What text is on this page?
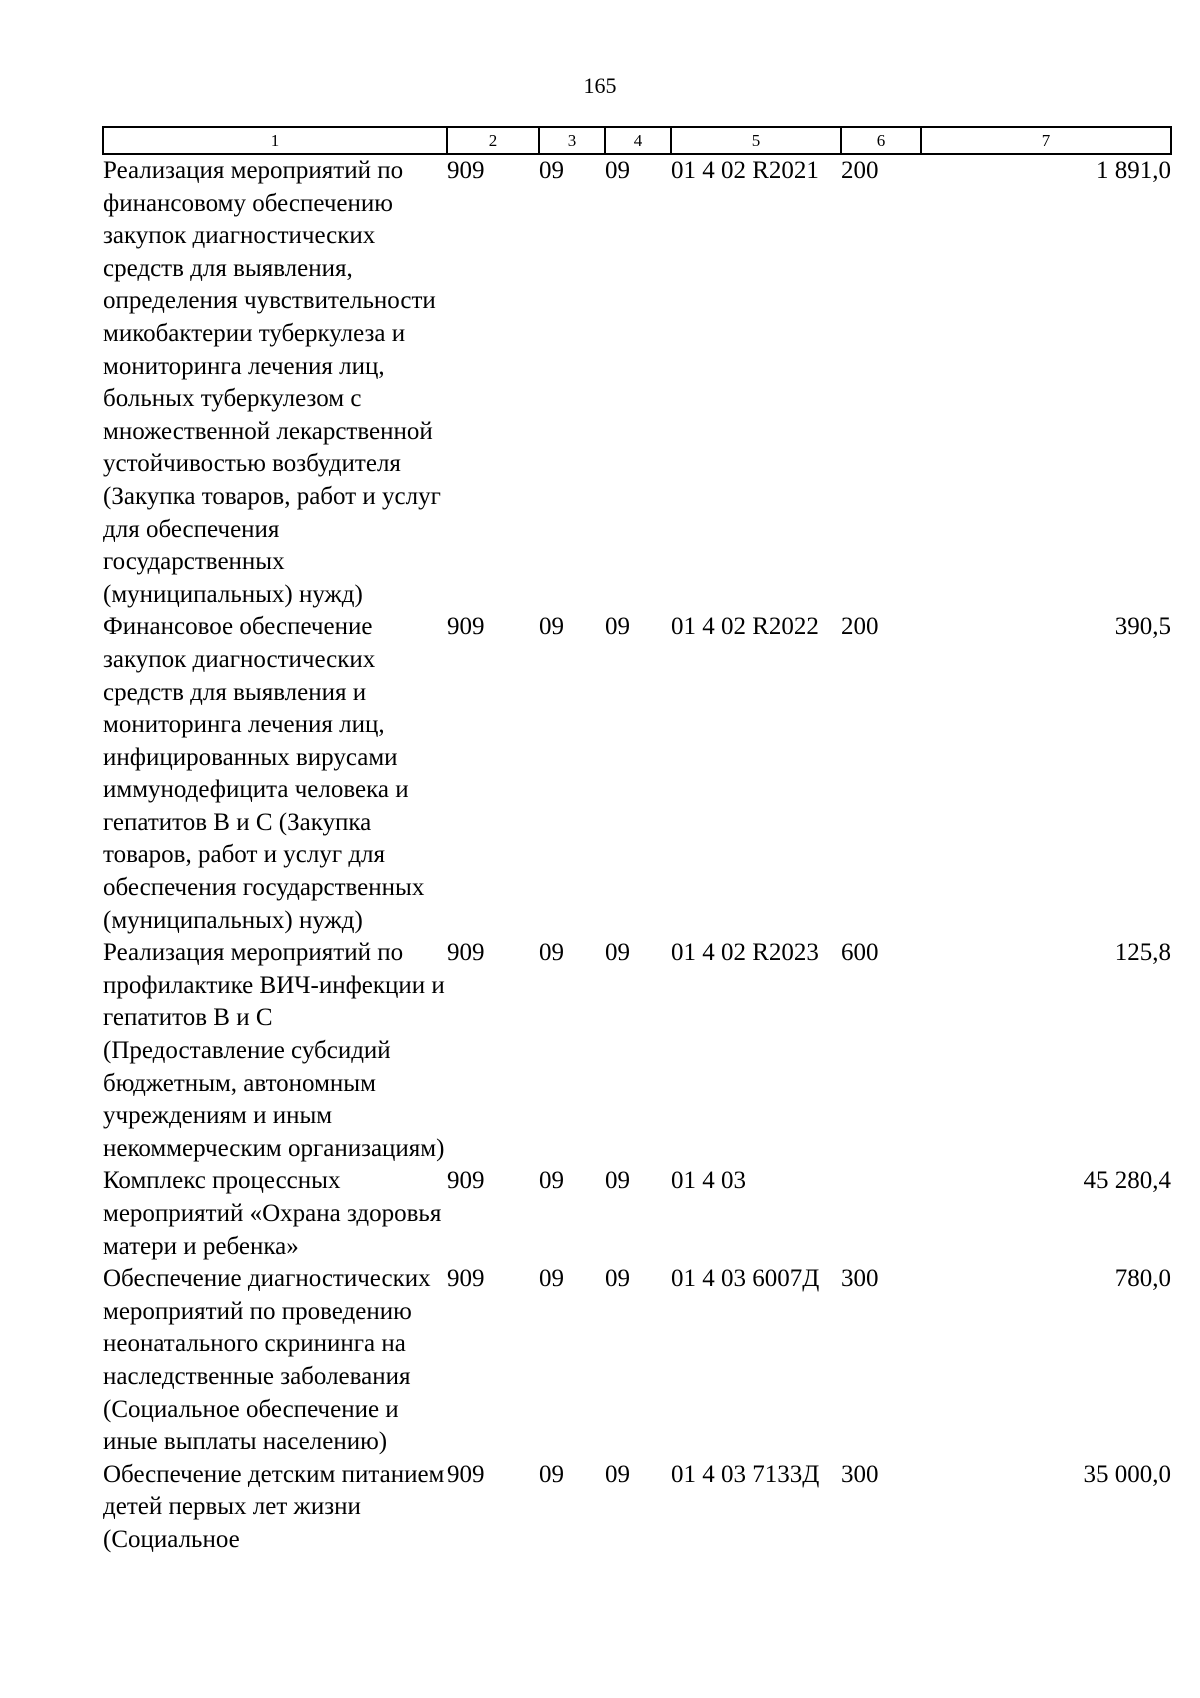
165
1	2	3	4	5	6	7
Реализация мероприятий по финансовому обеспечению закупок диагностических средств для выявления, определения чувствительности микобактерии туберкулеза и мониторинга лечения лиц, больных туберкулезом с множественной лекарственной устойчивостью возбудителя (Закупка товаров, работ и услуг для обеспечения государственных (муниципальных) нужд)	909	09	09	01 4 02 R2021	200	1 891,0
Финансовое обеспечение закупок диагностических средств для выявления и мониторинга лечения лиц, инфицированных вирусами иммунодефицита человека и гепатитов B и C (Закупка товаров, работ и услуг для обеспечения государственных (муниципальных) нужд)	909	09	09	01 4 02 R2022	200	390,5
Реализация мероприятий по профилактике ВИЧ-инфекции и гепатитов B и C (Предоставление субсидий бюджетным, автономным учреждениям и иным некоммерческим организациям)	909	09	09	01 4 02 R2023	600	125,8
Комплекс процессных мероприятий «Охрана здоровья матери и ребенка»	909	09	09	01 4 03		45 280,4
Обеспечение диагностических мероприятий по проведению неонатального скрининга на наследственные заболевания (Социальное обеспечение и иные выплаты населению)	909	09	09	01 4 03 6007Д	300	780,0
Обеспечение детским питанием детей первых лет жизни (Социальное	909	09	09	01 4 03 7133Д	300	35 000,0
